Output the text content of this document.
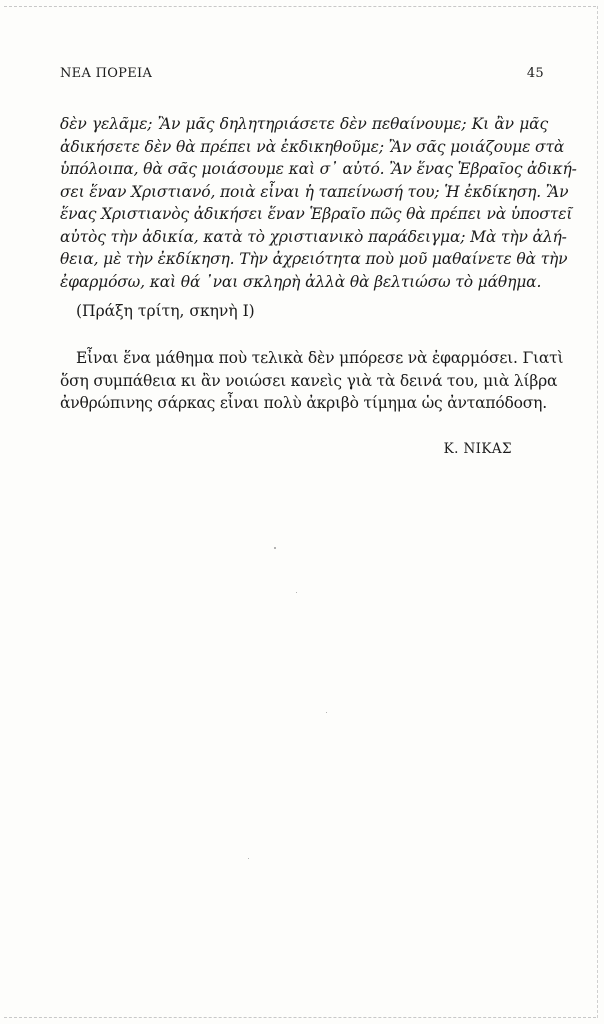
ΝΕΑ ΠΟΡΕΙΑ	45
δὲν γελᾶμε; Ἂν μᾶς δηλητηριάσετε δὲν πεθαίνουμε; Κι ἂν μᾶς
ἀδικήσετε δὲν θὰ πρέπει νὰ ἐκδικηθοῦμε; Ἂν σᾶς μοιάζουμε στὰ
ὑπόλοιπα, θὰ σᾶς μοιάσουμε καὶ σ᾽ αὐτό. Ἂν ἕνας Ἑβραῖος ἀδική-
σει ἕναν Χριστιανό, ποιὰ εἶναι ἡ ταπείνωσή του; Ἡ ἐκδίκηση. Ἂν
ἕνας Χριστιανὸς ἀδικήσει ἕναν Ἑβραῖο πῶς θὰ πρέπει νὰ ὑποστεῖ
αὐτὸς τὴν ἀδικία, κατὰ τὸ χριστιανικὸ παράδειγμα; Μὰ τὴν ἀλή-
θεια, μὲ τὴν ἐκδίκηση. Τὴν ἀχρειότητα ποὺ μοῦ μαθαίνετε θὰ τὴν
ἐφαρμόσω, καὶ θά ᾽ναι σκληρὴ ἀλλὰ θὰ βελτιώσω τὸ μάθημα.
(Πράξη τρίτη, σκηνὴ Ι)
Εἶναι ἕνα μάθημα ποὺ τελικὰ δὲν μπόρεσε νὰ ἐφαρμόσει. Γιατὶ
ὅση συμπάθεια κι ἂν νοιώσει κανεὶς γιὰ τὰ δεινά του, μιὰ λίβρα
ἀνθρώπινης σάρκας εἶναι πολὺ ἀκριβὸ τίμημα ὡς ἀνταπόδοση.
Κ. ΝΙΚΑΣ
